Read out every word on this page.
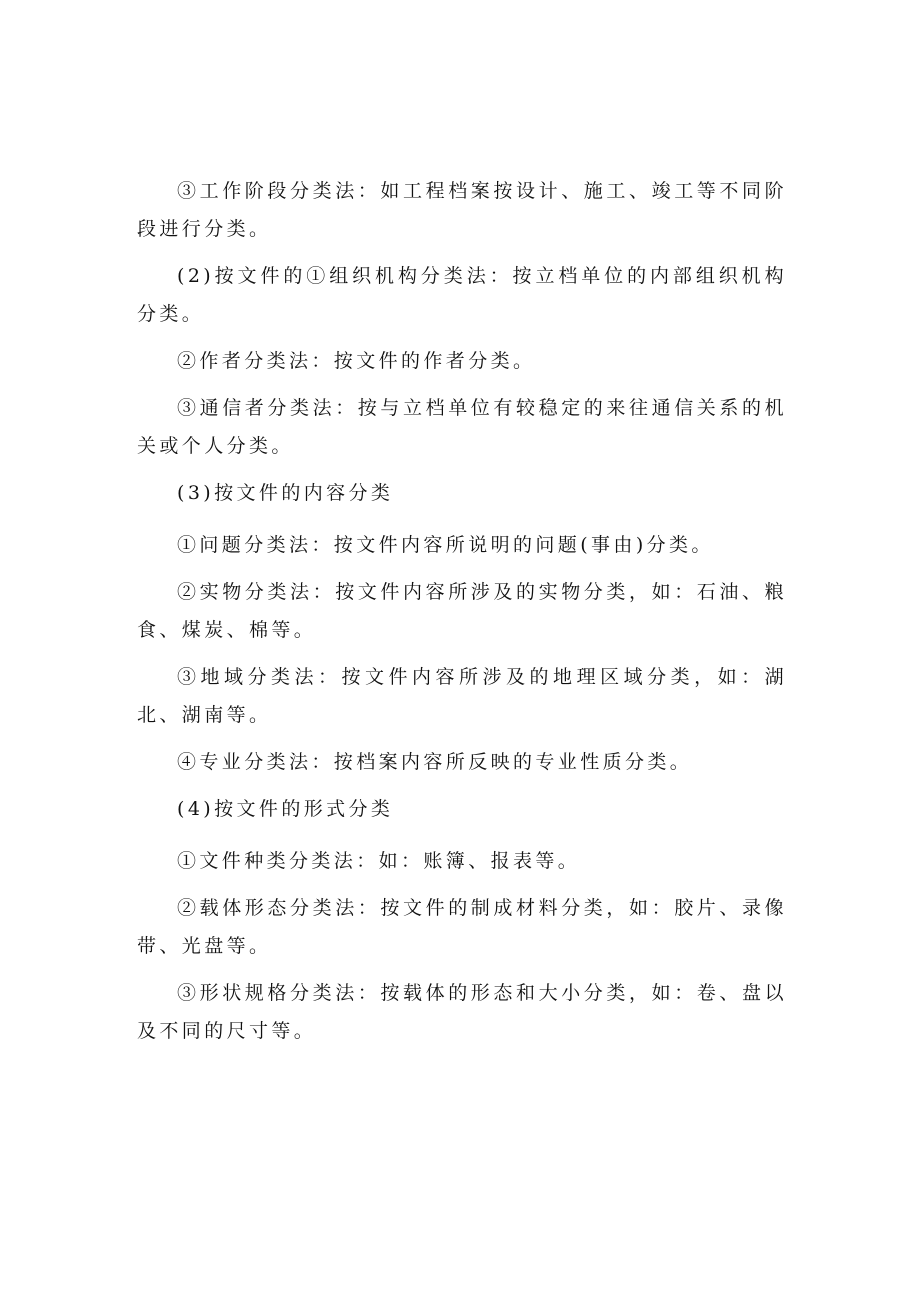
③工作阶段分类法：如工程档案按设计、施工、竣工等不同阶段进行分类。

(2)按文件的①组织机构分类法：按立档单位的内部组织机构分类。

②作者分类法：按文件的作者分类。

③通信者分类法：按与立档单位有较稳定的来往通信关系的机关或个人分类。

(3)按文件的内容分类

①问题分类法：按文件内容所说明的问题(事由)分类。

②实物分类法：按文件内容所涉及的实物分类，如：石油、粮食、煤炭、棉等。

③地域分类法：按文件内容所涉及的地理区域分类，如：湖北、湖南等。

④专业分类法：按档案内容所反映的专业性质分类。

(4)按文件的形式分类

①文件种类分类法：如：账簿、报表等。

②载体形态分类法：按文件的制成材料分类，如：胶片、录像带、光盘等。

③形状规格分类法：按载体的形态和大小分类，如：卷、盘以及不同的尺寸等。
